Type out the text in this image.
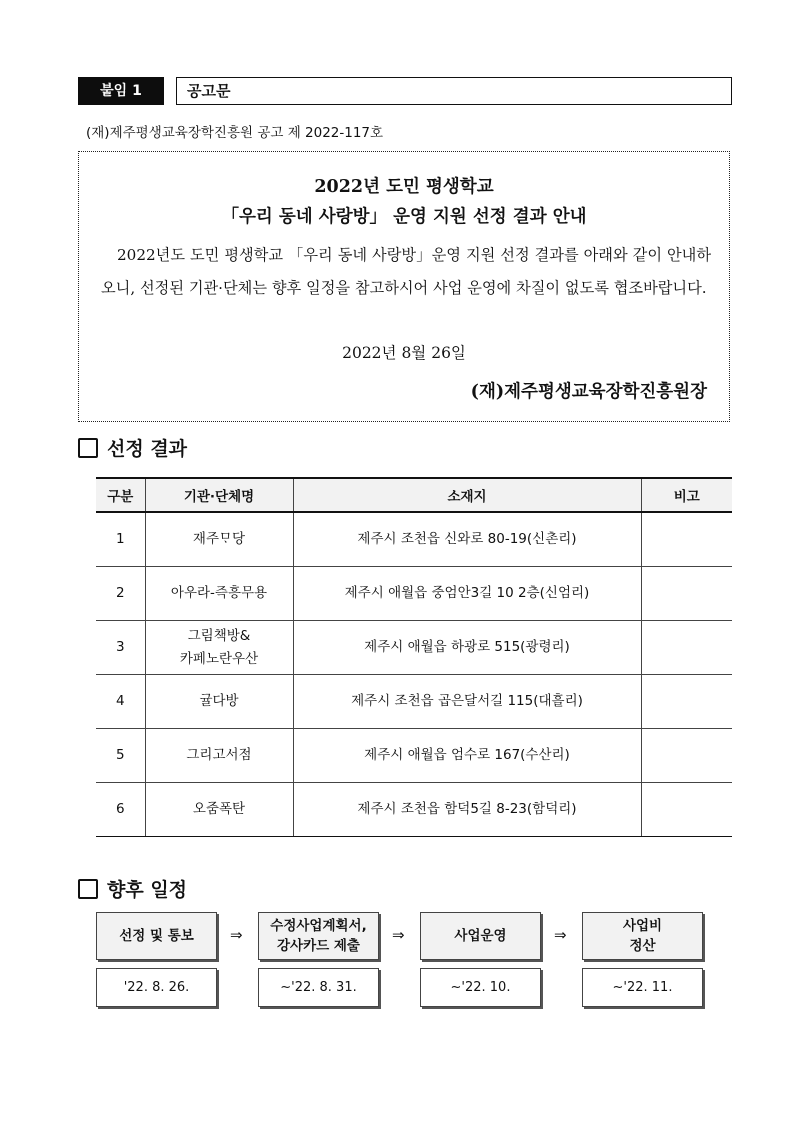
붙임 1	공고문
(재)제주평생교육장학진흥원 공고 제 2022-117호
2022년 도민 평생학교
「우리 동네 사랑방」 운영 지원 선정 결과 안내
2022년도 도민 평생학교 「우리 동네 사랑방」운영 지원 선정 결과를 아래와 같이 안내하오니, 선정된 기관·단체는 향후 일정을 참고하시어 사업 운영에 차질이 없도록 협조바랍니다.
2022년 8월 26일
(재)제주평생교육장학진흥원장
선정 결과
구분	기관·단체명	소재지	비고
1	재주ᄆᆞ당	제주시 조천읍 신와로 80-19(신촌리)	
2	아우라-즉흥무용	제주시 애월읍 중엄안3길 10 2층(신엄리)	
3	그림책방&
카페노란우산	제주시 애월읍 하광로 515(광령리)	
4	귤다방	제주시 조천읍 곱은달서길 115(대흘리)	
5	그리고서점	제주시 애월읍 엄수로 167(수산리)	
6	오줌폭탄	제주시 조천읍 함덕5길 8-23(함덕리)	
향후 일정
선정 및 통보
'22. 8. 26.
⇒ 수정사업계획서,
강사카드 제출
~'22. 8. 31.
⇒	사업운영
~'22. 10.
⇒	사업비
정산
~'22. 11.
